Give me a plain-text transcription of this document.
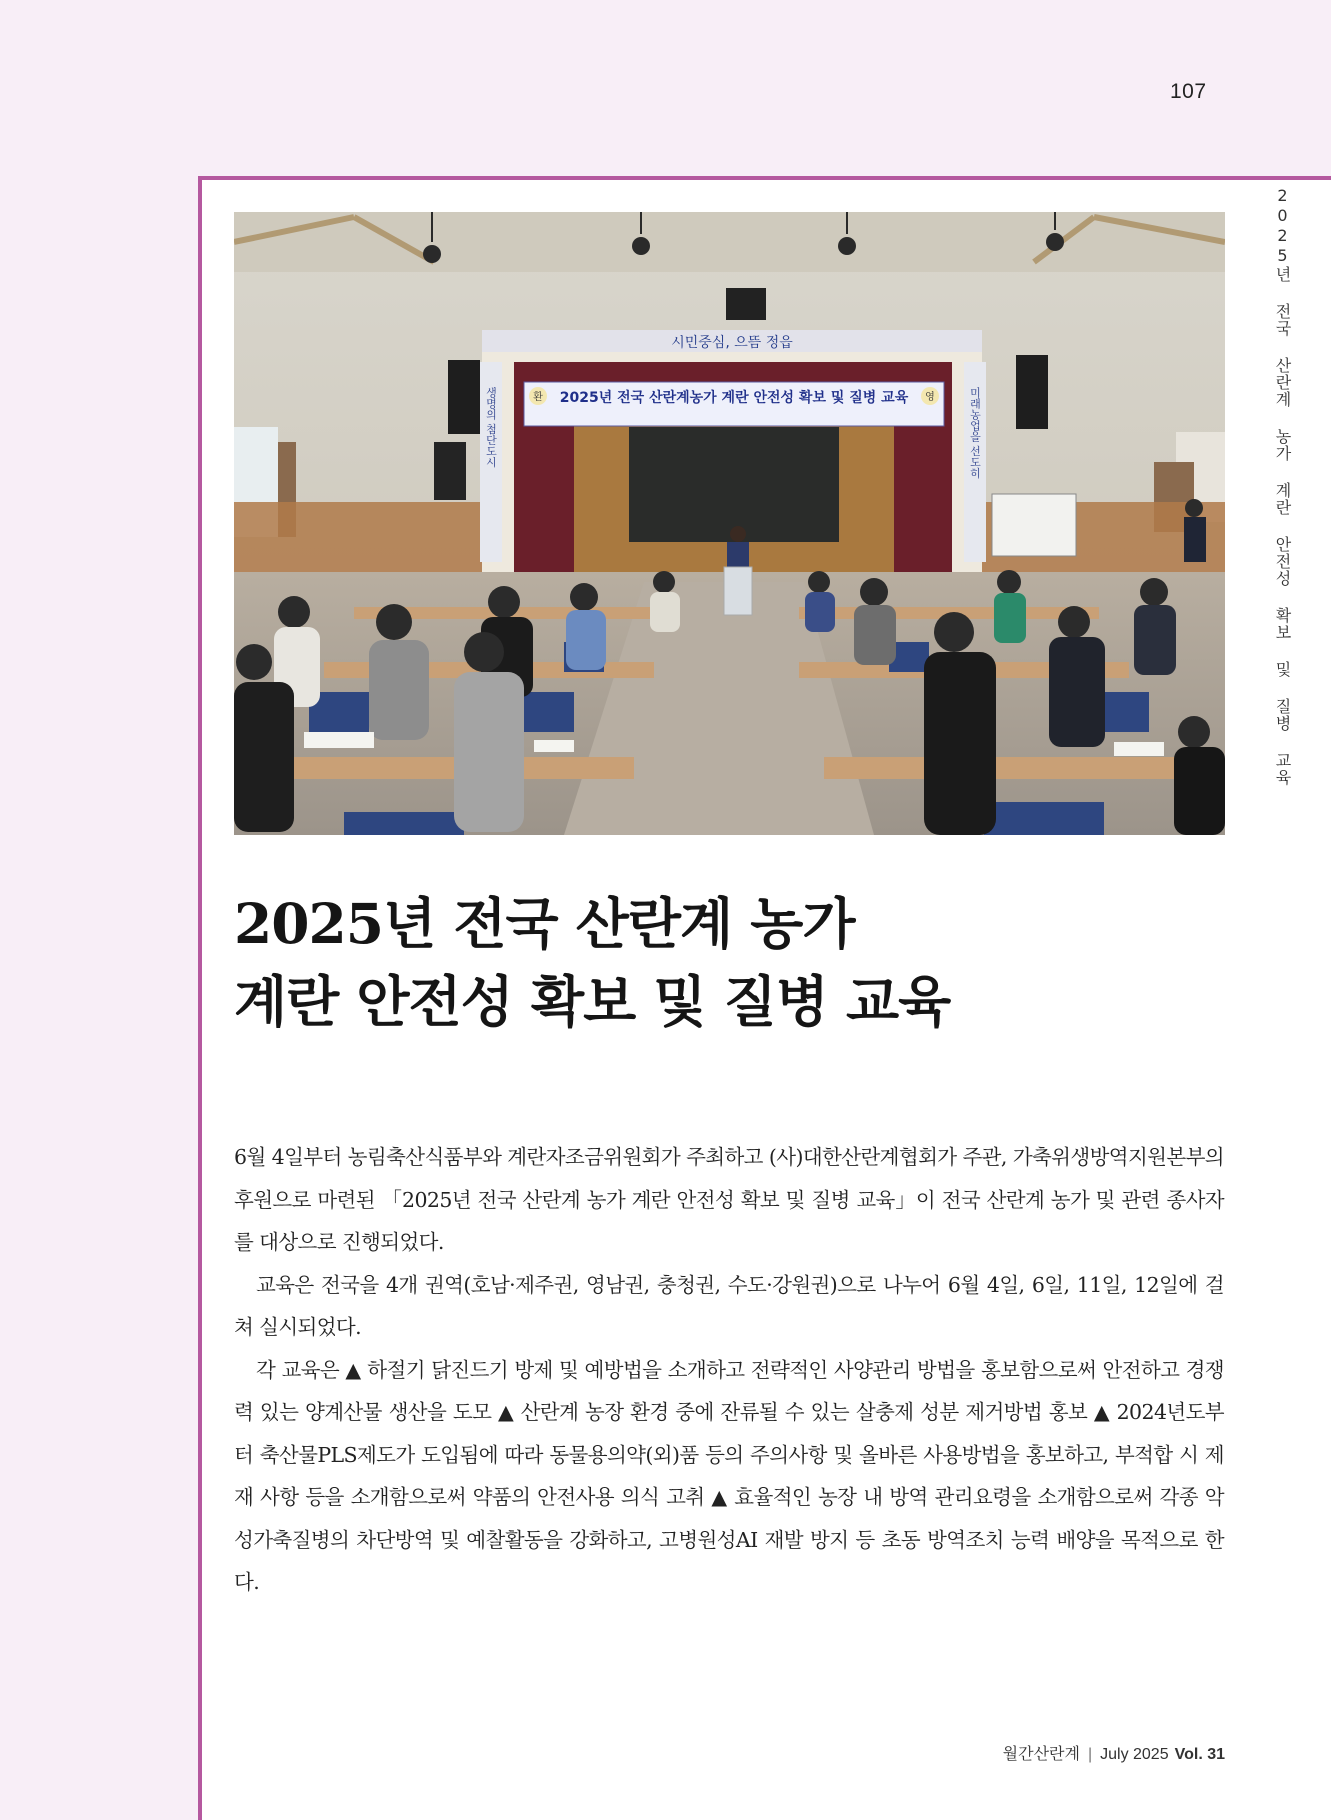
107
2025년 전국 산란계 농가 계란 안전성 확보 및 질병 교육
시민중심, 으뜸 정읍
생명의 첨단도시	미래농업을 선도히
환	영
2025년 전국 산란계농가 계란 안전성 확보 및 질병 교육
2025년 전국 산란계 농가
계란 안전성 확보 및 질병 교육

6월 4일부터 농림축산식품부와 계란자조금위원회가 주최하고 (사)대한산란계협회가 주관, 가축위생방역지원본부의 후원으로 마련된 「2025년 전국 산란계 농가 계란 안전성 확보 및 질병 교육」이 전국 산란계 농가 및 관련 종사자를 대상으로 진행되었다.

교육은 전국을 4개 권역(호남·제주권, 영남권, 충청권, 수도·강원권)으로 나누어 6월 4일, 6일, 11일, 12일에 걸쳐 실시되었다.

각 교육은 ▲ 하절기 닭진드기 방제 및 예방법을 소개하고 전략적인 사양관리 방법을 홍보함으로써 안전하고 경쟁력 있는 양계산물 생산을 도모 ▲ 산란계 농장 환경 중에 잔류될 수 있는 살충제 성분 제거방법 홍보 ▲ 2024년도부터 축산물PLS제도가 도입됨에 따라 동물용의약(외)품 등의 주의사항 및 올바른 사용방법을 홍보하고, 부적합 시 제재 사항 등을 소개함으로써 약품의 안전사용 의식 고취 ▲ 효율적인 농장 내 방역 관리요령을 소개함으로써 각종 악성가축질병의 차단방역 및 예찰활동을 강화하고, 고병원성AI 재발 방지 등 초동 방역조치 능력 배양을 목적으로 한다.

월간산란계 | July 2025 Vol. 31
